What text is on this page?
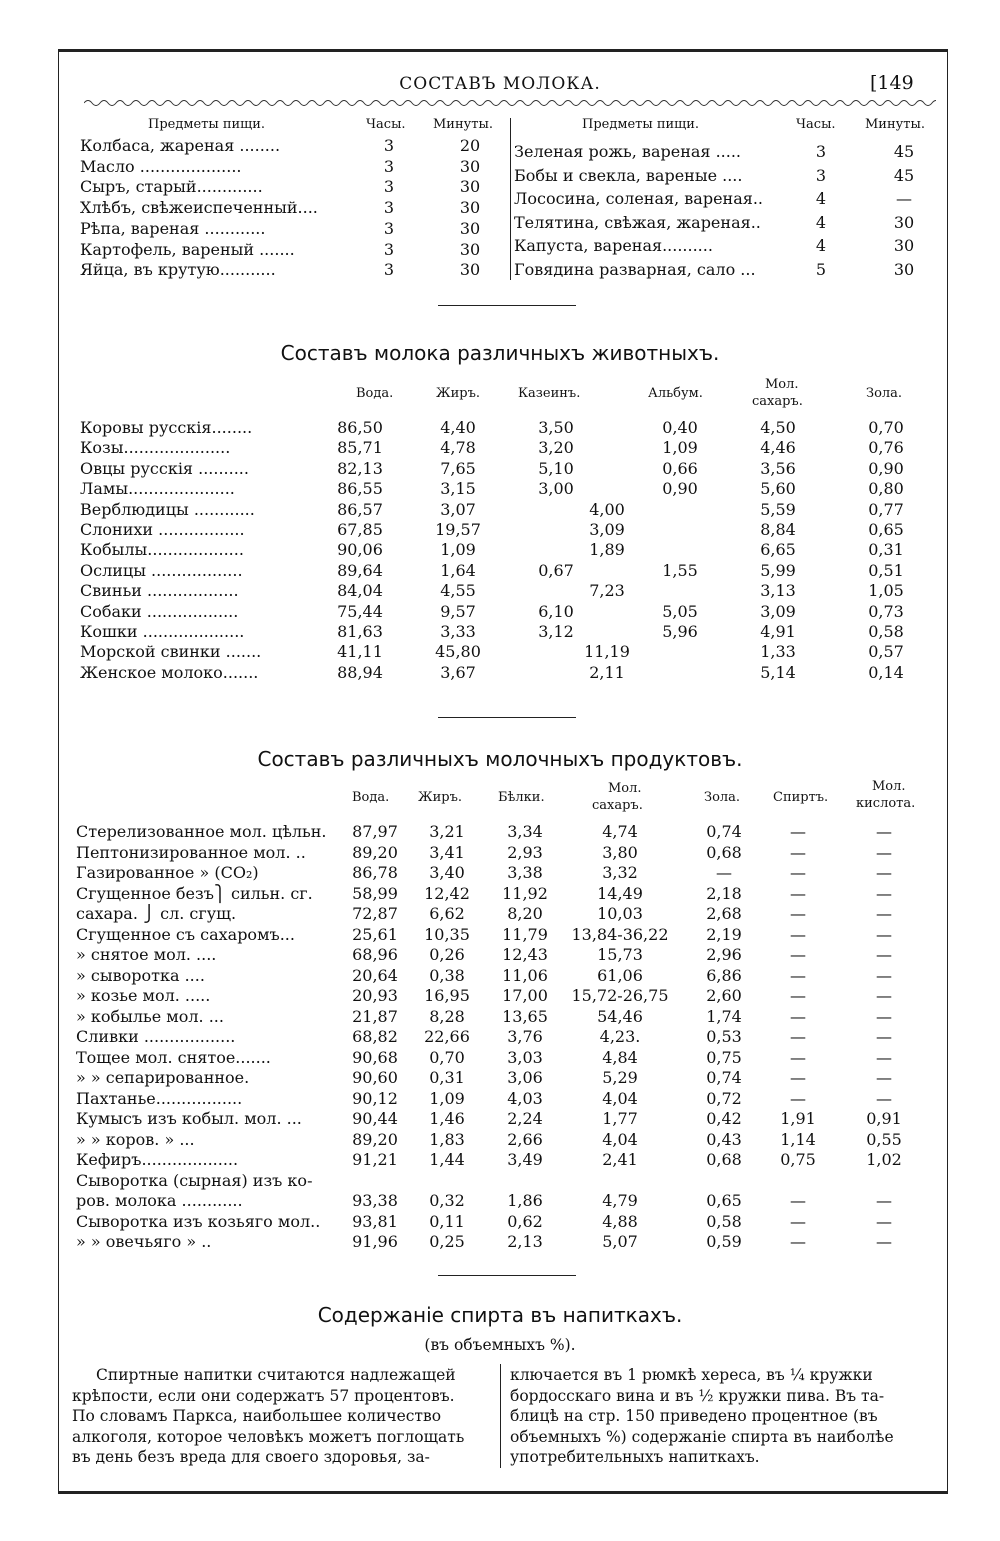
СОСТАВЪ МОЛОКА.	[149
Предметы пищи.	Часы. Минуты.	Предметы пищи.	Часы. Минуты.
Колбаса, жареная ........	3	20
Масло ....................	3	30
Сыръ, старый.............	3	30
Хлѣбъ, свѣжеиспеченный....	3	30
Рѣпа, вареная ............	3	30
Картофель, вареный .......	3	30
Яйца, въ крутую...........	3	30
Зеленая рожь, вареная .....	3	45
Бобы и свекла, вареные ....	3	45
Лососина, соленая, вареная..	4	—
Телятина, свѣжая, жареная..	4	30
Капуста, вареная..........	4	30
Говядина разварная, сало ...	5	30
Составъ молока различныхъ животныхъ.
Вода.	Жиръ.	Казеинъ.	Альбум.
Мол.
сахаръ.
Зола.
Коровы русскія........	86,50	4,40	3,50	0,40	4,50	0,70
Козы.....................	85,71	4,78	3,20	1,09	4,46	0,76
Овцы русскія ..........	82,13	7,65	5,10	0,66	3,56	0,90
Ламы.....................	86,55	3,15	3,00	0,90	5,60	0,80
Верблюдицы ............	86,57	3,07	4,00	5,59	0,77
Слонихи .................	67,85	19,57	3,09	8,84	0,65
Кобылы...................	90,06	1,09	1,89	6,65	0,31
Ослицы ..................	89,64	1,64	0,67	1,55	5,99	0,51
Свиньи ..................	84,04	4,55	7,23	3,13	1,05
Собаки ..................	75,44	9,57	6,10	5,05	3,09	0,73
Кошки ....................	81,63	3,33	3,12	5,96	4,91	0,58
Морской свинки .......	41,11	45,80	11,19	1,33	0,57
Женское молоко.......	88,94	3,67	2,11	5,14	0,14
Составъ различныхъ молочныхъ продуктовъ.
Вода. Жиръ.	Бѣлки.
Мол.
сахаръ.
Зола.	Спиртъ.
Мол.
кислота.
Стерелизованное мол. цѣльн.	87,97	3,21	3,34	4,74	0,74	—	—
Пептонизированное мол. ..	89,20	3,41	2,93	3,80	0,68	—	—
Газированное » (CO₂)	86,78	3,40	3,38	3,32	—	—	—
Сгущенное безъ⎫ сильн. сг.	58,99	12,42	11,92	14,49	2,18	—	—
сахара. ⎭ сл. сгущ.	72,87	6,62	8,20	10,03	2,68	—	—
Сгущенное съ сахаромъ...	25,61	10,35	11,79	13,84-36,22	2,19	—	—
» снятое мол. ....	68,96	0,26	12,43	15,73	2,96	—	—
» сыворотка ....	20,64	0,38	11,06	61,06	6,86	—	—
» козье мол. .....	20,93	16,95	17,00	15,72-26,75	2,60	—	—
» кобылье мол. ...	21,87	8,28	13,65	54,46	1,74	—	—
Сливки ..................	68,82	22,66	3,76	4,23.	0,53	—	—
Тощее мол. снятое.......	90,68	0,70	3,03	4,84	0,75	—	—
» » сепарированное.	90,60	0,31	3,06	5,29	0,74	—	—
Пахтанье.................	90,12	1,09	4,03	4,04	0,72	—	—
Кумысъ изъ кобыл. мол. ...	90,44	1,46	2,24	1,77	0,42	1,91	0,91
» » коров. » ...	89,20	1,83	2,66	4,04	0,43	1,14	0,55
Кефиръ...................	91,21	1,44	3,49	2,41	0,68	0,75	1,02
Сыворотка (сырная) изъ ко-
ров. молока ............	93,38	0,32	1,86	4,79	0,65	—	—
Сыворотка изъ козьяго мол..	93,81	0,11	0,62	4,88	0,58	—	—
» » овечьяго » ..	91,96	0,25	2,13	5,07	0,59	—	—
Содержаніе спирта въ напиткахъ.
(въ объемныхъ %).
Спиртные напитки считаются надлежащей
крѣпости, если они содержатъ 57 процентовъ.
По словамъ Паркса, наибольшее количество
алкоголя, которое человѣкъ можетъ поглощать
въ день безъ вреда для своего здоровья, за-
ключается въ 1 рюмкѣ хереса, въ ¼ кружки
бордосскаго вина и въ ½ кружки пива. Въ та-
блицѣ на стр. 150 приведено процентное (въ
объемныхъ %) содержаніе спирта въ наиболѣе
употребительныхъ напиткахъ.
